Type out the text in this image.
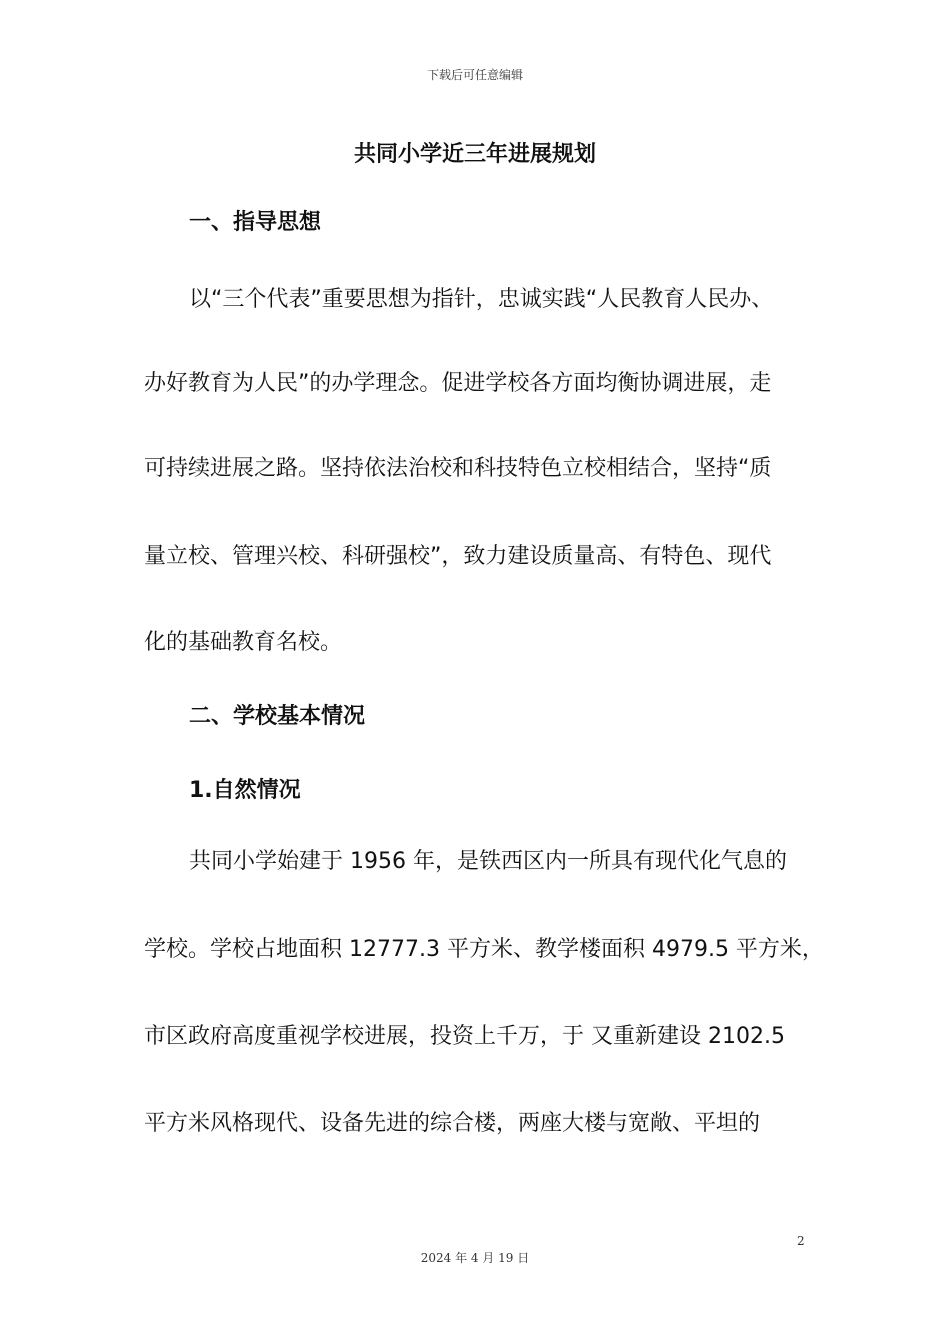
下载后可任意编辑
共同小学近三年进展规划
一、指导思想
以“三个代表”重要思想为指针，忠诚实践“人民教育人民办、
办好教育为人民”的办学理念。促进学校各方面均衡协调进展，走
可持续进展之路。坚持依法治校和科技特色立校相结合，坚持“质
量立校、管理兴校、科研强校”，致力建设质量高、有特色、现代
化的基础教育名校。
二、学校基本情况
1.自然情况
共同小学始建于 1956 年，是铁西区内一所具有现代化气息的
学校。学校占地面积 12777.3 平方米、教学楼面积 4979.5 平方米，
市区政府高度重视学校进展，投资上千万，于 又重新建设 2102.5
平方米风格现代、设备先进的综合楼，两座大楼与宽敞、平坦的
2
2024 年 4 月 19 日
